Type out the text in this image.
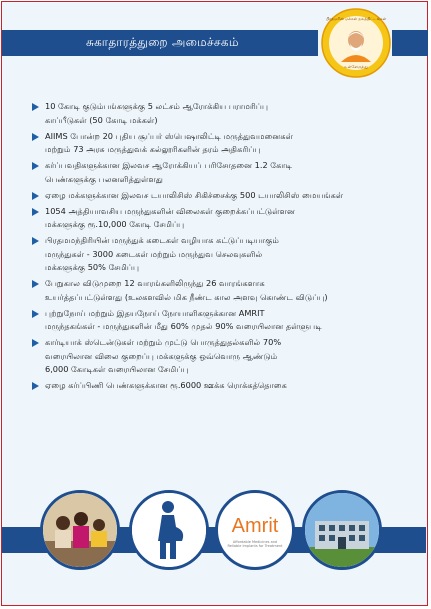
சுகாதாரத்துறை அமைச்சகம்
பிரதமரின் மக்கள் நலத்திட்டங்கள்
உள்ளேருந்து
10 கோடி குடும்பங்களுக்கு 5 லட்சம் ஆரோக்கிய பராமரிப்பு
காப்பீடுகள் (50 கோடி மக்கள்)
AIIMS போன்ற 20 புதிய சூப்பர் ஸ்பெஷாலிட்டி மருத்துவமனைகள்
மற்றும் 73 அரசு மருத்துவக் கல்லூரிகளின் தரம் அதிகரிப்பு
கர்ப்பவதிகளுக்கான இலவச ஆரோக்கியப் பரிசோதனை 1.2 கோடி
பெண்களுக்கு பலனளித்துள்ளது
ஏழை மக்களுக்கான இலவச டயாலிசிஸ் சிகிச்சைக்கு 500 டயாலிசிஸ் மையங்கள்
1054 அத்தியாவசிய மருந்துகளின் விலைகள் குறைக்கப்பட்டுள்ளன
மக்களுக்கு ரூ.10,000 கோடி சேமிப்பு
பிரதமமந்திரியின் மருந்துக் கடைகள் வழியாக கட்டுப்படியாகும்
மருந்துகள் - 3000 கடைகள் மற்றும் மருந்துவ செலவுகளில்
மக்களுக்கு 50% சேமிப்பு
பேறுகால விடுமுறை 12 வாரங்களிலிருந்து 26 வாரங்களாக
உயர்த்தப்பட்டுள்ளது (உலகளவில் மிக நீண்ட கால அளவு கொண்ட விடுப்பு)
புற்றுநோய் மற்றும் இதயநோய் நோயாளிகளுக்கான AMRIT
மருந்தகங்கள் - மருந்துகளின் மீது 60% முதல் 90% வரையிலான தள்ளுபடி
கார்டியாக் ஸ்டென்டுகள் மற்றும் முட்டு பொருத்துதல்களில் 70%
வரையிலான விலை குறைப்பு மக்களுக்கு ஒவ்வொரு ஆண்டும்
6,000 கோடிகள் வரையிலான சேமிப்பு
ஏழை கர்ப்பிணி பெண்களுக்கான ரூ.6000 ஊக்க ரொக்கத்தொகை
Amrit
Affordable Medicines and Reliable Implants for Treatment
